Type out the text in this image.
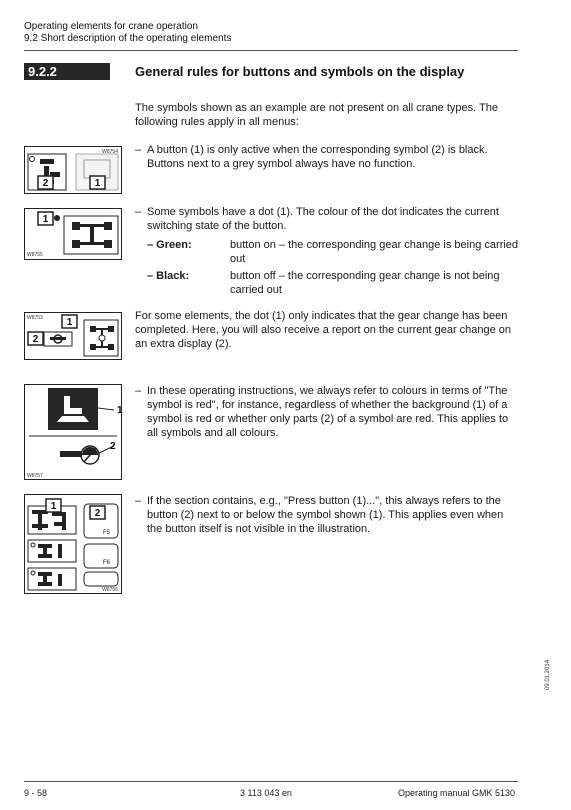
Operating elements for crane operation
9.2 Short description of the operating elements
9.2.2	General rules for buttons and symbols on the display
The symbols shown as an example are not present on all crane types. The following rules apply in all menus:
2	1
W8754 – A button (1) is only active when the corresponding symbol (2) is black. Buttons next to a grey symbol always have no function.
1
W8755
– Some symbols have a dot (1). The colour of the dot indicates the current switching state of the button.
– Green:	button on – the corresponding gear change is being carried out
– Black:	button off – the corresponding gear change is not being carried out
W8753 1
2
For some elements, the dot (1) only indicates that the gear change has been completed. Here, you will also receive a report on the current gear change on an extra display (2).
1
2
W8757
– In these operating instructions, we always refer to colours in terms of "The symbol is red", for instance, regardless of whether the background (1) of a symbol is red or whether only parts (2) of a symbol are red. This applies to all symbols and all colours.
1
2
F5
F6
W8756
– If the section contains, e.g., "Press button (1)...", this always refers to the button (2) next to or below the symbol shown (1). This applies even when the button itself is not visible in the illustration.
09.01.2014
9 - 58	3 113 043 en	Operating manual GMK 5130
